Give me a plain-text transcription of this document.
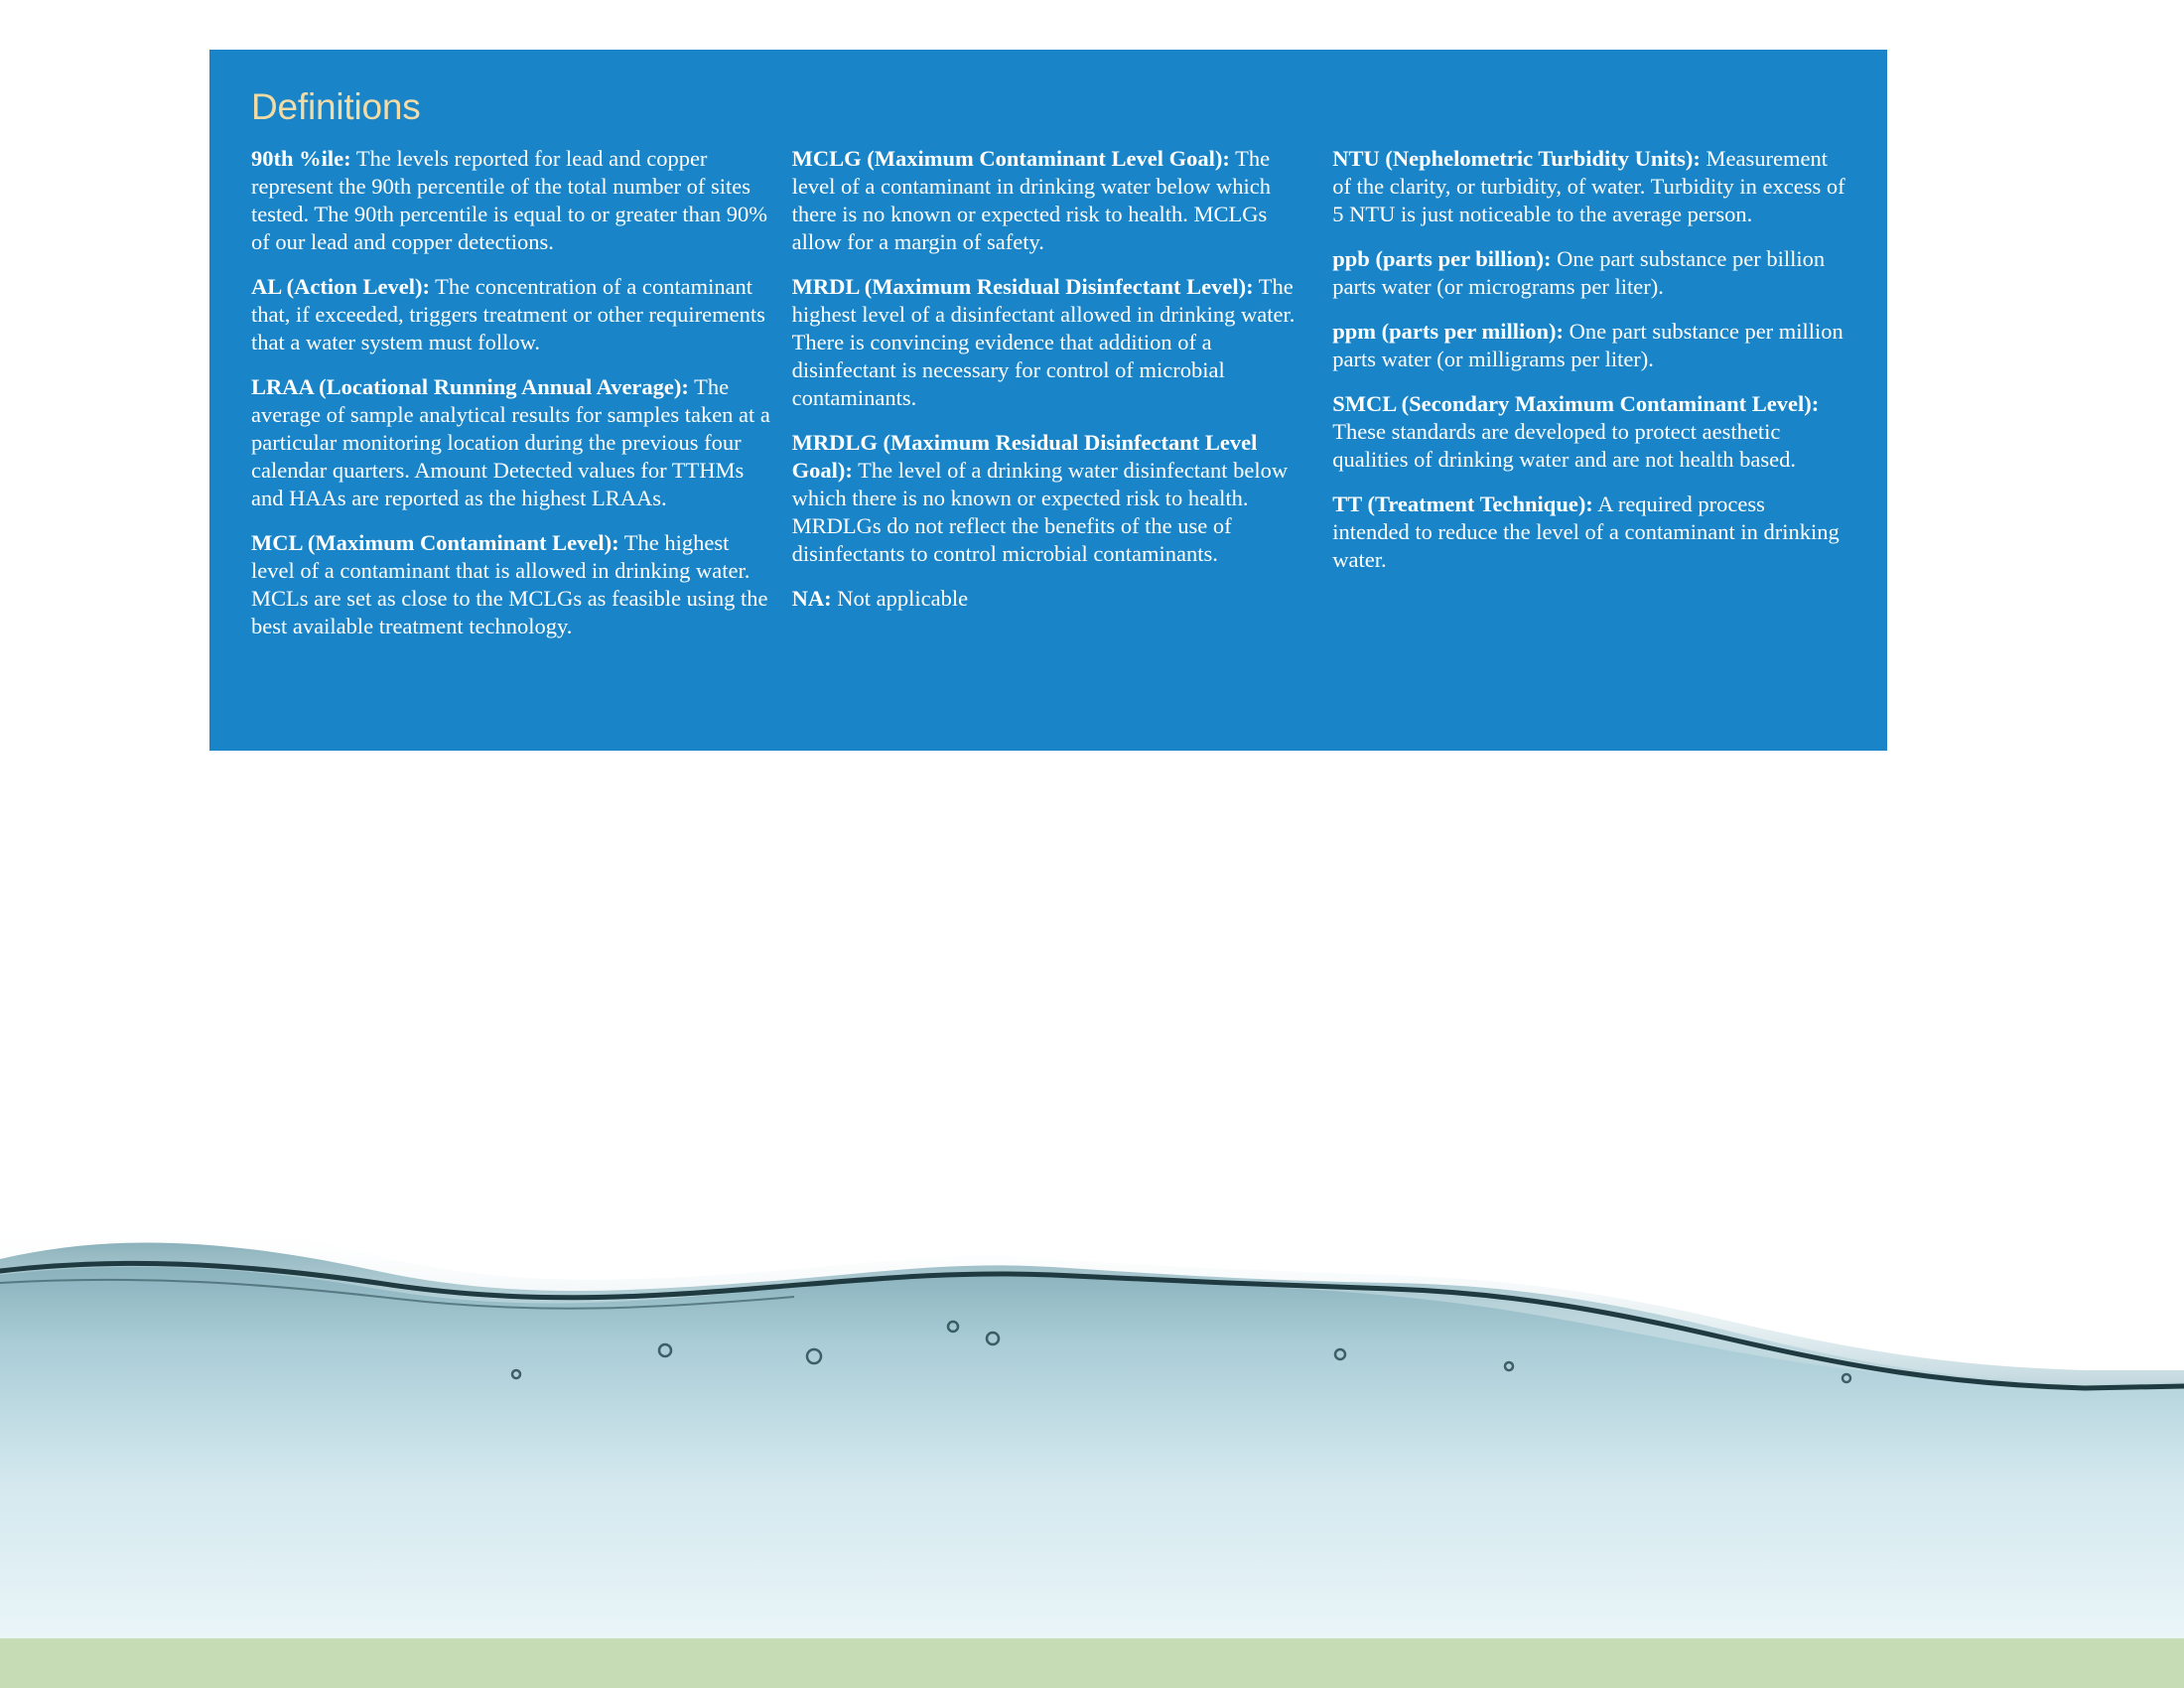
Definitions

90th %ile: The levels reported for lead and copper represent the 90th percentile of the total number of sites tested. The 90th percentile is equal to or greater than 90% of our lead and copper detections.

AL (Action Level): The concentration of a contaminant that, if exceeded, triggers treatment or other requirements that a water system must follow.

LRAA (Locational Running Annual Average): The average of sample analytical results for samples taken at a particular monitoring location during the previous four calendar quarters. Amount Detected values for TTHMs and HAAs are reported as the highest LRAAs.

MCL (Maximum Contaminant Level): The highest level of a contaminant that is allowed in drinking water. MCLs are set as close to the MCLGs as feasible using the best available treatment technology.

MCLG (Maximum Contaminant Level Goal): The level of a contaminant in drinking water below which there is no known or expected risk to health. MCLGs allow for a margin of safety.

MRDL (Maximum Residual Disinfectant Level): The highest level of a disinfectant allowed in drinking water. There is convincing evidence that addition of a disinfectant is necessary for control of microbial contaminants.

MRDLG (Maximum Residual Disinfectant Level Goal): The level of a drinking water disinfectant below which there is no known or expected risk to health. MRDLGs do not reflect the benefits of the use of disinfectants to control microbial contaminants.

NA: Not applicable

NTU (Nephelometric Turbidity Units): Measurement of the clarity, or turbidity, of water. Turbidity in excess of 5 NTU is just noticeable to the average person.

ppb (parts per billion): One part substance per billion parts water (or micrograms per liter).

ppm (parts per million): One part substance per million parts water (or milligrams per liter).

SMCL (Secondary Maximum Contaminant Level): These standards are developed to protect aesthetic qualities of drinking water and are not health based.

TT (Treatment Technique): A required process intended to reduce the level of a contaminant in drinking water.
